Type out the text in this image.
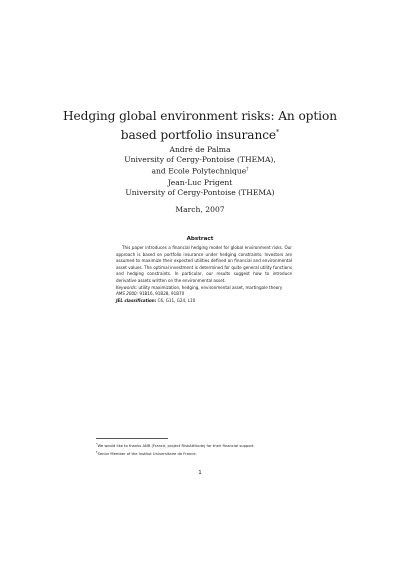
Hedging global environment risks: An option
based portfolio insurance*
André de Palma
University of Cergy-Pontoise (THEMA),
and Ecole Polytechnique†
Jean-Luc Prigent
University of Cergy-Pontoise (THEMA)
March, 2007
Abstract

This paper introduces a financial hedging model for global environment risks. Our approach is based on portfolio insurance under hedging constraints. Investors are assumed to maximize their expected utilities defined on financial and environmental asset values. The optimal investment is determined for quite general utility functions and hedging constraints. In particular, our results suggest how to introduce derivative assets written on the environmental asset.

Keywords: utility maximization, hedging, environmental asset, martingale theory

AMS 2000: 91B16, 91B28, 91B70

JEL classification: C6, G11, G24, L10

*We would like to thanks ANR (France, project RiskAttitude) for their financial support.
†Senior Member of the Institut Universitaire de France.
1
